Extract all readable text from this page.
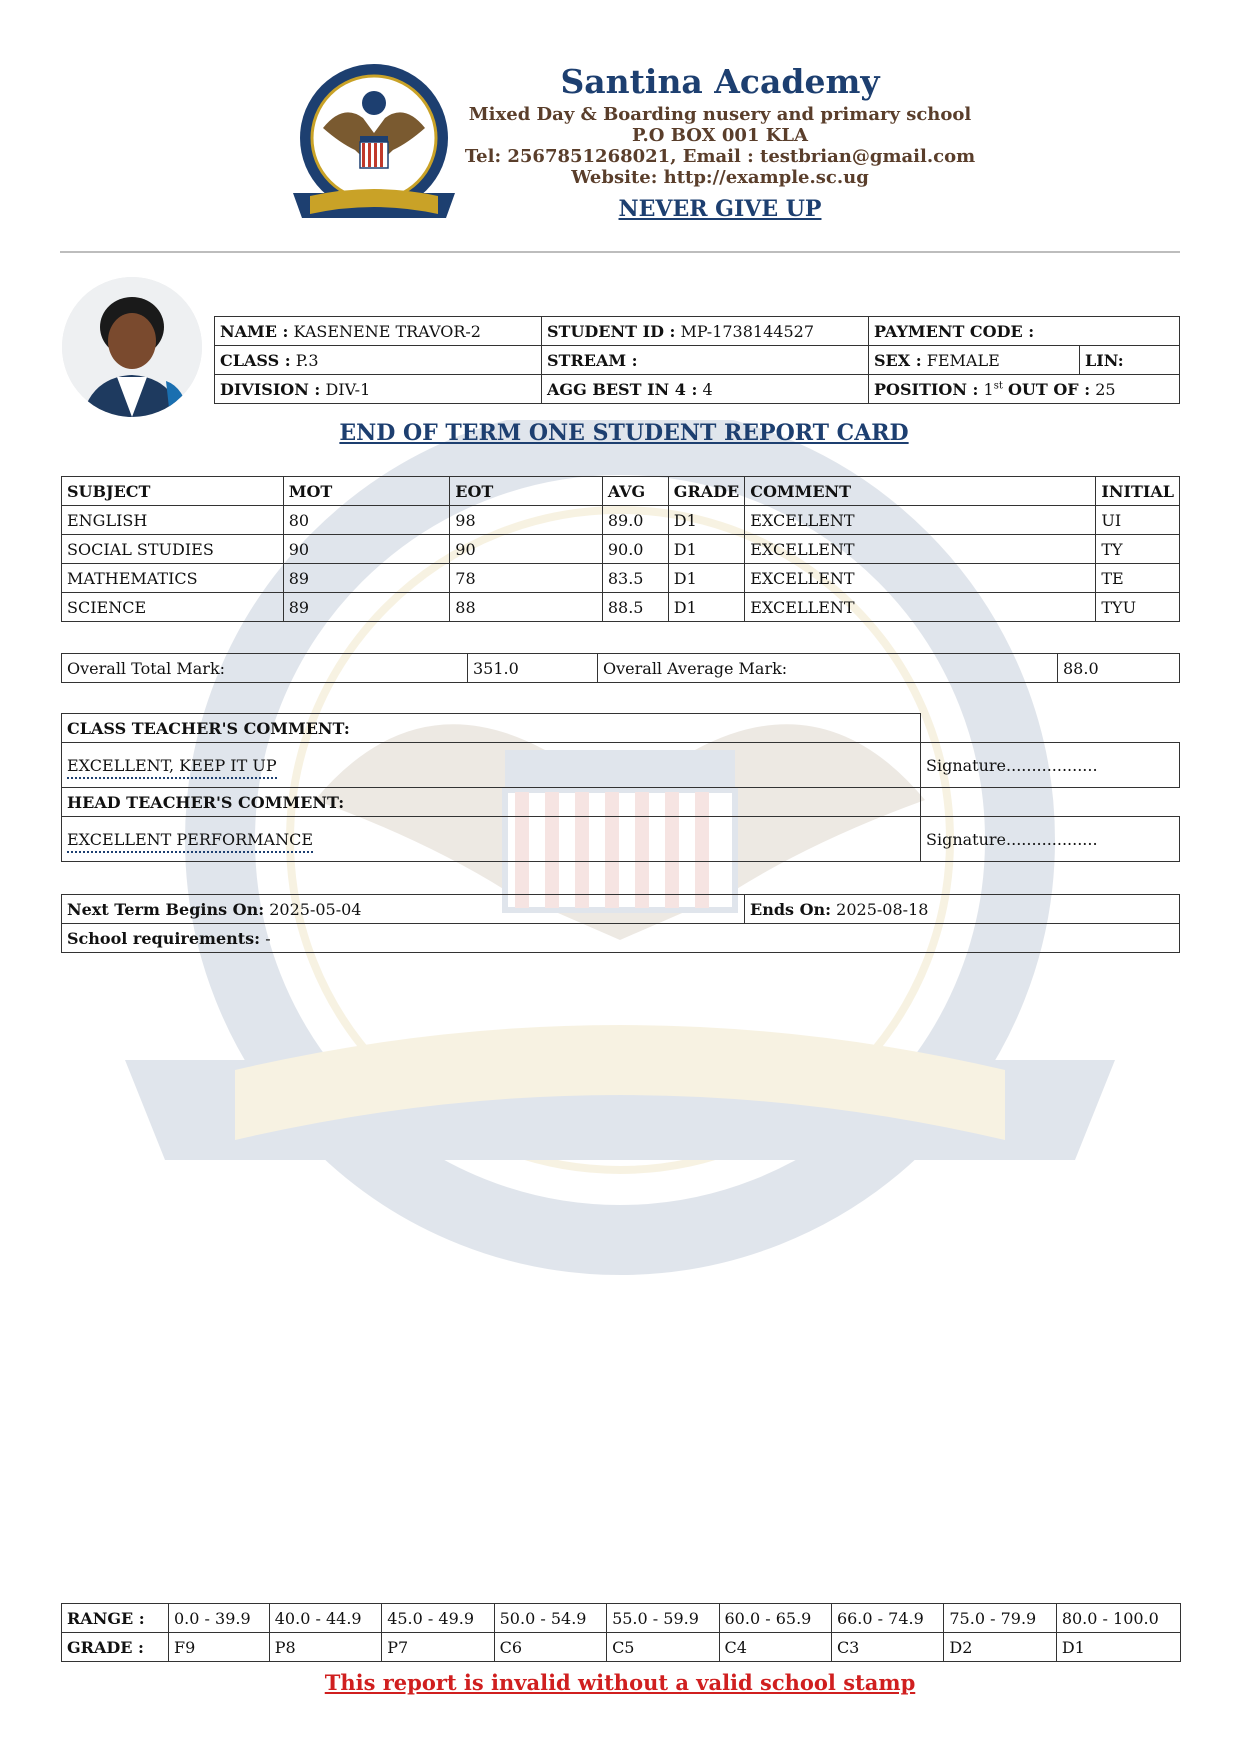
Santina Academy
Mixed Day & Boarding nusery and primary school
P.O BOX 001 KLA
Tel: 2567851268021, Email : testbrian@gmail.com
Website: http://example.sc.ug
NEVER GIVE UP
NAME : KASENENE TRAVOR-2	STUDENT ID : MP-1738144527	PAYMENT CODE :	
CLASS : P.3	STREAM :	SEX : FEMALE	LIN:
DIVISION : DIV-1	AGG BEST IN 4 : 4	POSITION : 1st OUT OF : 25	
END OF TERM ONE STUDENT REPORT CARD
SUBJECT	MOT	EOT	AVG	GRADE	COMMENT	INITIAL
ENGLISH	80	98	89.0	D1	EXCELLENT	UI
SOCIAL STUDIES	90	90	90.0	D1	EXCELLENT	TY
MATHEMATICS	89	78	83.5	D1	EXCELLENT	TE
SCIENCE	89	88	88.5	D1	EXCELLENT	TYU
Overall Total Mark:	351.0	Overall Average Mark:	88.0
CLASS TEACHER'S COMMENT:	
EXCELLENT, KEEP IT UP	Signature..................
HEAD TEACHER'S COMMENT:	
EXCELLENT PERFORMANCE	Signature..................
Next Term Begins On: 2025-05-04	Ends On: 2025-08-18
School requirements: -
RANGE :	0.0 - 39.9	40.0 - 44.9	45.0 - 49.9	50.0 - 54.9	55.0 - 59.9	60.0 - 65.9	66.0 - 74.9	75.0 - 79.9	80.0 - 100.0
GRADE :	F9	P8	P7	C6	C5	C4	C3	D2	D1
This report is invalid without a valid school stamp
